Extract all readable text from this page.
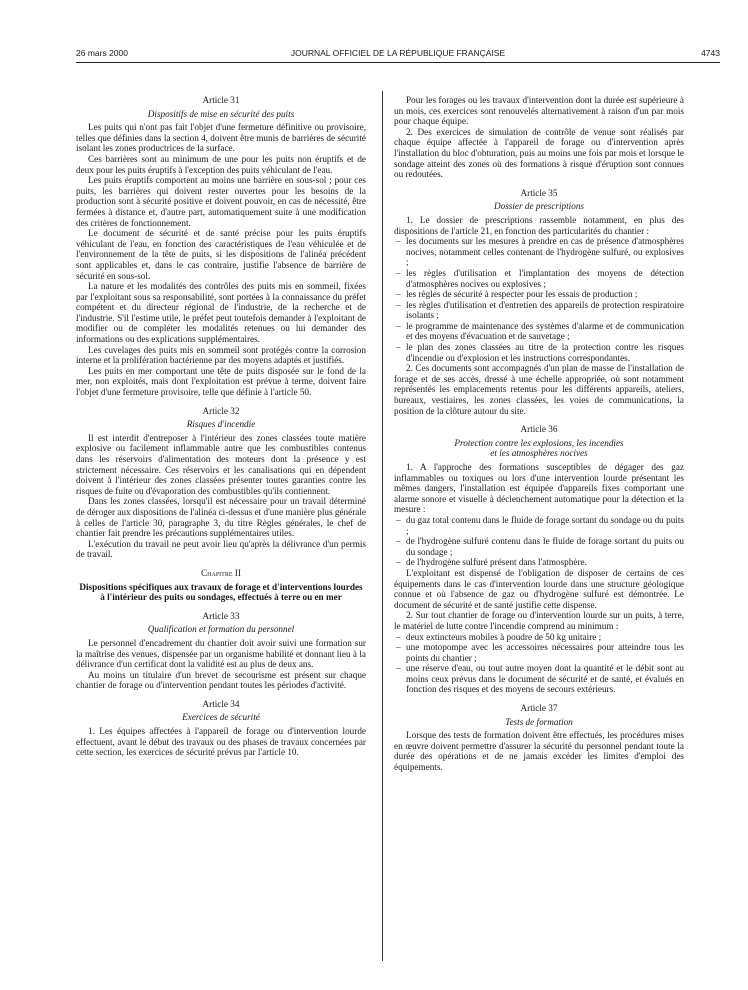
26 mars 2000	JOURNAL OFFICIEL DE LA RÉPUBLIQUE FRANÇAISE	4743

Article 31

Dispositifs de mise en sécurité des puits

Les puits qui n'ont pas fait l'objet d'une fermeture définitive ou provisoire, telles que définies dans la section 4, doivent être munis de barrières de sécurité isolant les zones productrices de la surface.

Ces barrières sont au minimum de une pour les puits non éruptifs et de deux pour les puits éruptifs à l'exception des puits véhiculant de l'eau.

Les puits éruptifs comportent au moins une barrière en sous-sol ; pour ces puits, les barrières qui doivent rester ouvertes pour les besoins de la production sont à sécurité positive et doivent pouvoir, en cas de nécessité, être fermées à distance et, d'autre part, automatiquement suite à une modification des critères de fonctionnement.

Le document de sécurité et de santé précise pour les puits éruptifs véhiculant de l'eau, en fonction des caractéristiques de l'eau véhiculée et de l'environnement de la tête de puits, si les dispositions de l'alinéa précédent sont applicables et, dans le cas contraire, justifie l'absence de barrière de sécurité en sous-sol.

La nature et les modalités des contrôles des puits mis en sommeil, fixées par l'exploitant sous sa responsabilité, sont portées à la connaissance du préfet compétent et du directeur régional de l'industrie, de la recherche et de l'industrie. S'il l'estime utile, le préfet peut toutefois demander à l'exploitant de modifier ou de compléter les modalités retenues ou lui demander des informations ou des explications supplémentaires.

Les cuvelages des puits mis en sommeil sont protégés contre la corrosion interne et la prolifération bactérienne par des moyens adaptés et justifiés.

Les puits en mer comportant une tête de puits disposée sur le fond de la mer, non exploités, mais dont l'exploitation est prévue à terme, doivent faire l'objet d'une fermeture provisoire, telle que définie à l'article 50.

Article 32

Risques d'incendie

Il est interdit d'entreposer à l'intérieur des zones classées toute matière explosive ou facilement inflammable autre que les combustibles contenus dans les réservoirs d'alimentation des moteurs dont la présence y est strictement nécessaire. Ces réservoirs et les canalisations qui en dépendent doivent à l'intérieur des zones classées présenter toutes garanties contre les risques de fuite ou d'évaporation des combustibles qu'ils contiennent.

Dans les zones classées, lorsqu'il est nécessaire pour un travail déterminé de déroger aux dispositions de l'alinéa ci-dessus et d'une manière plus générale à celles de l'article 30, paragraphe 3, du titre Règles générales, le chef de chantier fait prendre les précautions supplémentaires utiles.

L'exécution du travail ne peut avoir lieu qu'après la délivrance d'un permis de travail.

Chapitre II

Dispositions spécifiques aux travaux de forage et d'interventions lourdes à l'intérieur des puits ou sondages, effectués à terre ou en mer

Article 33

Qualification et formation du personnel

Le personnel d'encadrement du chantier doit avoir suivi une formation sur la maîtrise des venues, dispensée par un organisme habilité et donnant lieu à la délivrance d'un certificat dont la validité est au plus de deux ans.

Au moins un titulaire d'un brevet de secourisme est présent sur chaque chantier de forage ou d'intervention pendant toutes les périodes d'activité.

Article 34

Exercices de sécurité

1. Les équipes affectées à l'appareil de forage ou d'intervention lourde effectuent, avant le début des travaux ou des phases de travaux concernées par cette section, les exercices de sécurité prévus par l'article 10.

Pour les forages ou les travaux d'intervention dont la durée est supérieure à un mois, ces exercices sont renouvelés alternativement à raison d'un par mois pour chaque équipe.

2. Des exercices de simulation de contrôle de venue sont réalisés par chaque équipe affectée à l'appareil de forage ou d'intervention après l'installation du bloc d'obturation, puis au moins une fois par mois et lorsque le sondage atteint des zones où des formations à risque d'éruption sont connues ou redoutées.

Article 35

Dossier de prescriptions

1. Le dossier de prescriptions rassemble notamment, en plus des dispositions de l'article 21, en fonction des particularités du chantier :

– les documents sur les mesures à prendre en cas de présence d'atmosphères nocives, notamment celles contenant de l'hydrogène sulfuré, ou explosives ;
– les règles d'utilisation et l'implantation des moyens de détection d'atmosphères nocives ou explosives ;
– les règles de sécurité à respecter pour les essais de production ;
– les règles d'utilisation et d'entretien des appareils de protection respiratoire isolants ;
– le programme de maintenance des systèmes d'alarme et de communication et des moyens d'évacuation et de sauvetage ;
– le plan des zones classées au titre de la protection contre les risques d'incendie ou d'explosion et les instructions correspondantes.

2. Ces documents sont accompagnés d'un plan de masse de l'installation de forage et de ses accès, dressé à une échelle appropriée, où sont notamment représentés les emplacements retenus pour les différents appareils, ateliers, bureaux, vestiaires, les zones classées, les voies de communications, la position de la clôture autour du site.

Article 36

Protection contre les explosions, les incendies

et les atmosphères nocives

1. A l'approche des formations susceptibles de dégager des gaz inflammables ou toxiques ou lors d'une intervention lourde présentant les mêmes dangers, l'installation est équipée d'appareils fixes comportant une alarme sonore et visuelle à déclenchement automatique pour la détection et la mesure :

– du gaz total contenu dans le fluide de forage sortant du sondage ou du puits ;
– de l'hydrogène sulfuré contenu dans le fluide de forage sortant du puits ou du sondage ;
– de l'hydrogène sulfuré présent dans l'atmosphère.

L'exploitant est dispensé de l'obligation de disposer de certains de ces équipements dans le cas d'intervention lourde dans une structure géologique connue et où l'absence de gaz ou d'hydrogène sulfuré est démontrée. Le document de sécurité et de santé justifie cette dispense.

2. Sur tout chantier de forage ou d'intervention lourde sur un puits, à terre, le matériel de lutte contre l'incendie comprend au minimum :

– deux extincteurs mobiles à poudre de 50 kg unitaire ;
– une motopompe avec les accessoires nécessaires pour atteindre tous les points du chantier ;
– une réserve d'eau, ou tout autre moyen dont la quantité et le débit sont au moins ceux prévus dans le document de sécurité et de santé, et évalués en fonction des risques et des moyens de secours extérieurs.

Article 37

Tests de formation

Lorsque des tests de formation doivent être effectués, les procédures mises en œuvre doivent permettre d'assurer la sécurité du personnel pendant toute la durée des opérations et de ne jamais excéder les limites d'emploi des équipements.
